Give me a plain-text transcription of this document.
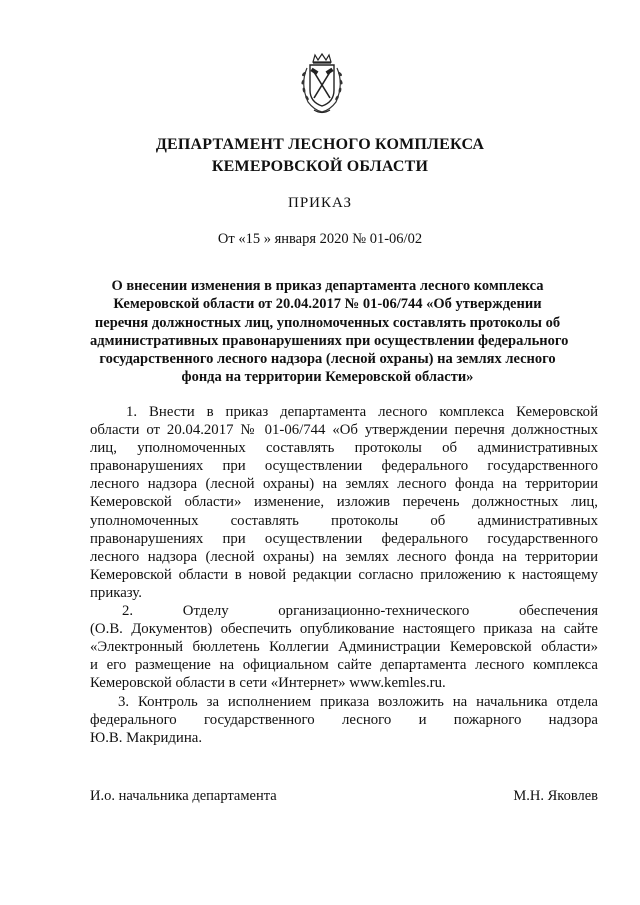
ДЕПАРТАМЕНТ ЛЕСНОГО КОМПЛЕКСА
КЕМЕРОВСКОЙ ОБЛАСТИ
ПРИКАЗ
От «15 » января 2020 № 01-06/02
О внесении изменения в приказ департамента лесного комплекса
Кемеровской области от 20.04.2017 № 01-06/744 «Об утверждении
перечня должностных лиц, уполномоченных составлять протоколы об
административных правонарушениях при осуществлении федерального
государственного лесного надзора (лесной охраны) на землях лесного
фонда на территории Кемеровской области»
1. Внести в приказ департамента лесного комплекса Кемеровской
области от 20.04.2017 № 01-06/744 «Об утверждении перечня должностных
лиц, уполномоченных составлять протоколы об административных
правонарушениях при осуществлении федерального государственного
лесного надзора (лесной охраны) на землях лесного фонда на территории
Кемеровской области» изменение, изложив перечень должностных лиц,
уполномоченных составлять протоколы об административных
правонарушениях при осуществлении федерального государственного
лесного надзора (лесной охраны) на землях лесного фонда на территории
Кемеровской области в новой редакции согласно приложению к настоящему
приказу.
2. Отделу организационно-технического обеспечения
(О.В. Документов) обеспечить опубликование настоящего приказа на сайте
«Электронный бюллетень Коллегии Администрации Кемеровской области»
и его размещение на официальном сайте департамента лесного комплекса
Кемеровской области в сети «Интернет» www.kemles.ru.
3. Контроль за исполнением приказа возложить на начальника отдела
федерального государственного лесного и пожарного надзора
Ю.В. Макридина.
И.о. начальника департамента	М.Н. Яковлев
